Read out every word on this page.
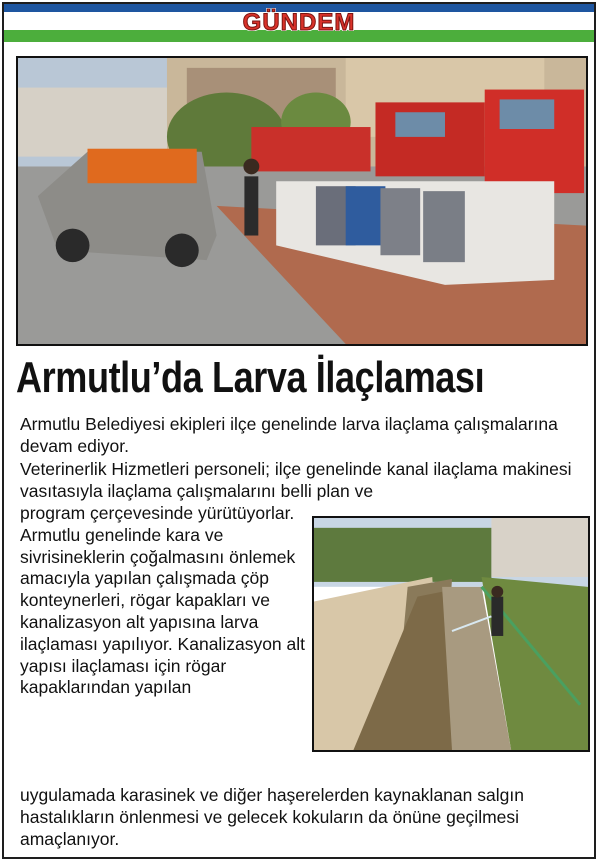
GÜNDEM
Armutlu’da Larva İlaçlaması

Armutlu Belediyesi ekipleri ilçe genelinde larva ilaçlama çalışmalarına devam ediyor.

Veterinerlik Hizmetleri personeli; ilçe genelinde kanal ilaçlama makinesi vasıtasıyla ilaçlama çalışmalarını belli plan ve

program çerçevesinde yürütüyorlar. Armutlu genelinde kara ve sivrisineklerin çoğalmasını önlemek amacıyla yapılan çalışmada çöp konteynerleri, rögar kapakları ve kanalizasyon alt yapısına larva ilaçlaması yapılıyor. Kanalizasyon alt yapısı ilaçlaması için rögar kapaklarından yapılan

uygulamada karasinek ve diğer haşerelerden kaynaklanan salgın hastalıkların önlenmesi ve gelecek kokuların da önüne geçilmesi amaçlanıyor.
